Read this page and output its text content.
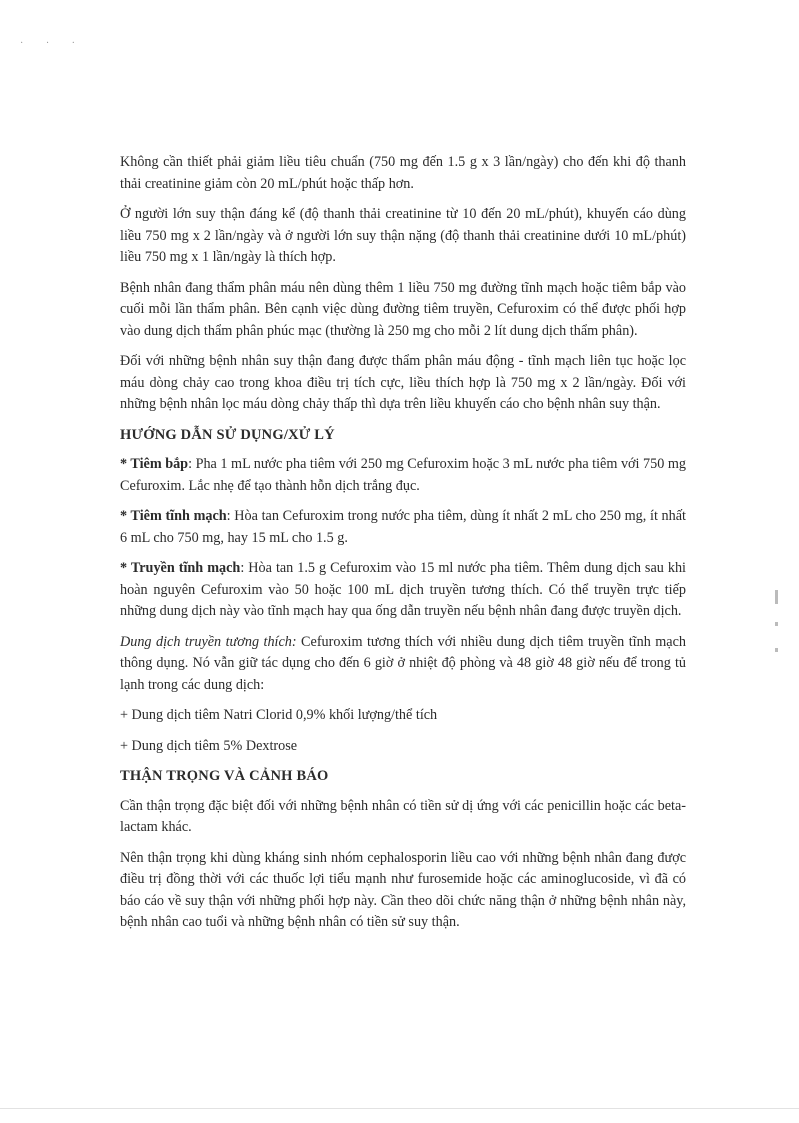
· · ·

Không cần thiết phải giảm liều tiêu chuẩn (750 mg đến 1.5 g x 3 lần/ngày) cho đến khi độ thanh thải creatinine giảm còn 20 mL/phút hoặc thấp hơn.

Ở người lớn suy thận đáng kể (độ thanh thải creatinine từ 10 đến 20 mL/phút), khuyến cáo dùng liều 750 mg x 2 lần/ngày và ở người lớn suy thận nặng (độ thanh thải creatinine dưới 10 mL/phút) liều 750 mg x 1 lần/ngày là thích hợp.

Bệnh nhân đang thẩm phân máu nên dùng thêm 1 liều 750 mg đường tĩnh mạch hoặc tiêm bắp vào cuối mỗi lần thẩm phân. Bên cạnh việc dùng đường tiêm truyền, Cefuroxim có thể được phối hợp vào dung dịch thẩm phân phúc mạc (thường là 250 mg cho mỗi 2 lít dung dịch thẩm phân).

Đối với những bệnh nhân suy thận đang được thẩm phân máu động - tĩnh mạch liên tục hoặc lọc máu dòng chảy cao trong khoa điều trị tích cực, liều thích hợp là 750 mg x 2 lần/ngày. Đối với những bệnh nhân lọc máu dòng chảy thấp thì dựa trên liều khuyến cáo cho bệnh nhân suy thận.

HƯỚNG DẪN SỬ DỤNG/XỬ LÝ

* Tiêm bắp: Pha 1 mL nước pha tiêm với 250 mg Cefuroxim hoặc 3 mL nước pha tiêm với 750 mg Cefuroxim. Lắc nhẹ để tạo thành hỗn dịch trắng đục.

* Tiêm tĩnh mạch: Hòa tan Cefuroxim trong nước pha tiêm, dùng ít nhất 2 mL cho 250 mg, ít nhất 6 mL cho 750 mg, hay 15 mL cho 1.5 g.

* Truyền tĩnh mạch: Hòa tan 1.5 g Cefuroxim vào 15 ml nước pha tiêm. Thêm dung dịch sau khi hoàn nguyên Cefuroxim vào 50 hoặc 100 mL dịch truyền tương thích. Có thể truyền trực tiếp những dung dịch này vào tĩnh mạch hay qua ống dẫn truyền nếu bệnh nhân đang được truyền dịch.

Dung dịch truyền tương thích: Cefuroxim tương thích với nhiều dung dịch tiêm truyền tĩnh mạch thông dụng. Nó vẫn giữ tác dụng cho đến 6 giờ ở nhiệt độ phòng và 48 giờ 48 giờ nếu để trong tủ lạnh trong các dung dịch:

+ Dung dịch tiêm Natri Clorid 0,9% khối lượng/thể tích

+ Dung dịch tiêm 5% Dextrose

THẬN TRỌNG VÀ CẢNH BÁO

Cần thận trọng đặc biệt đối với những bệnh nhân có tiền sử dị ứng với các penicillin hoặc các beta-lactam khác.

Nên thận trọng khi dùng kháng sinh nhóm cephalosporin liều cao với những bệnh nhân đang được điều trị đồng thời với các thuốc lợi tiểu mạnh như furosemide hoặc các aminoglucoside, vì đã có báo cáo về suy thận với những phối hợp này. Cần theo dõi chức năng thận ở những bệnh nhân này, bệnh nhân cao tuổi và những bệnh nhân có tiền sử suy thận.
